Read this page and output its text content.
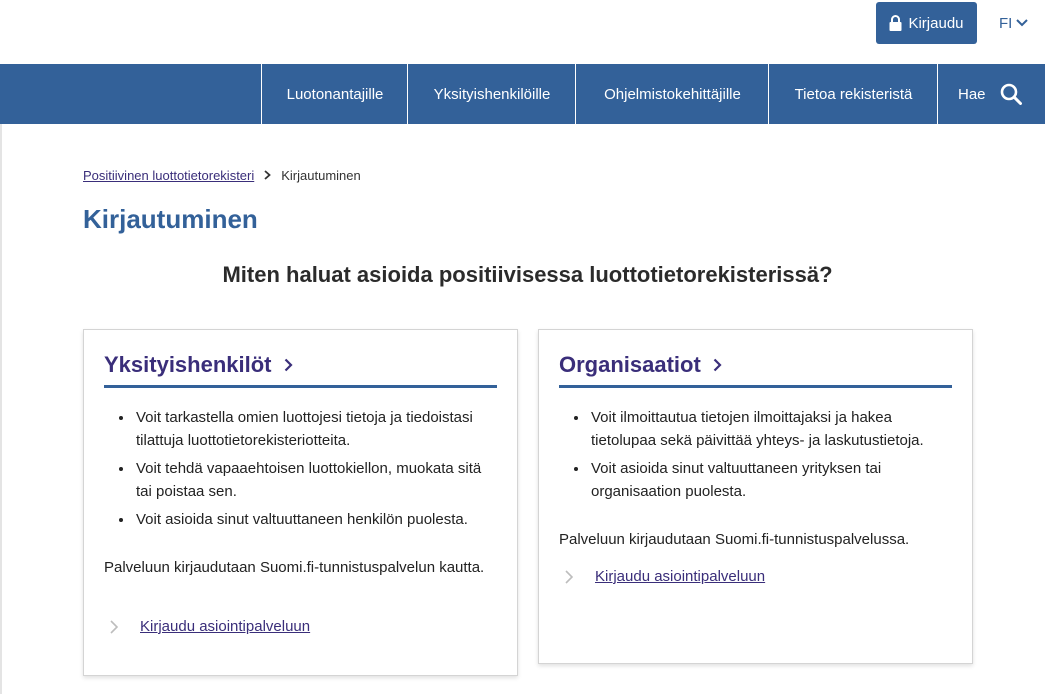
Kirjaudu FI
Luotonantajille	Yksityishenkilöille	Ohjelmistokehittäjille	Tietoa rekisteristä	Hae
Positiivinen luottotietorekisteri Kirjautuminen
Kirjautuminen
Miten haluat asioida positiivisessa luottotietorekisterissä?
Yksityishenkilöt
• Voit tarkastella omien luottojesi tietoja ja tiedoistasi tilattuja luottotietorekisteriotteita.
• Voit tehdä vapaaehtoisen luottokiellon, muokata sitä tai poistaa sen.
• Voit asioida sinut valtuuttaneen henkilön puolesta.

Palveluun kirjaudutaan Suomi.fi-tunnistuspalvelun kautta.

Kirjaudu asiointipalveluun
Organisaatiot
• Voit ilmoittautua tietojen ilmoittajaksi ja hakea tietolupaa sekä päivittää yhteys- ja laskutustietoja.
• Voit asioida sinut valtuuttaneen yrityksen tai organisaation puolesta.

Palveluun kirjaudutaan Suomi.fi-tunnistuspalvelussa.

Kirjaudu asiointipalveluun
